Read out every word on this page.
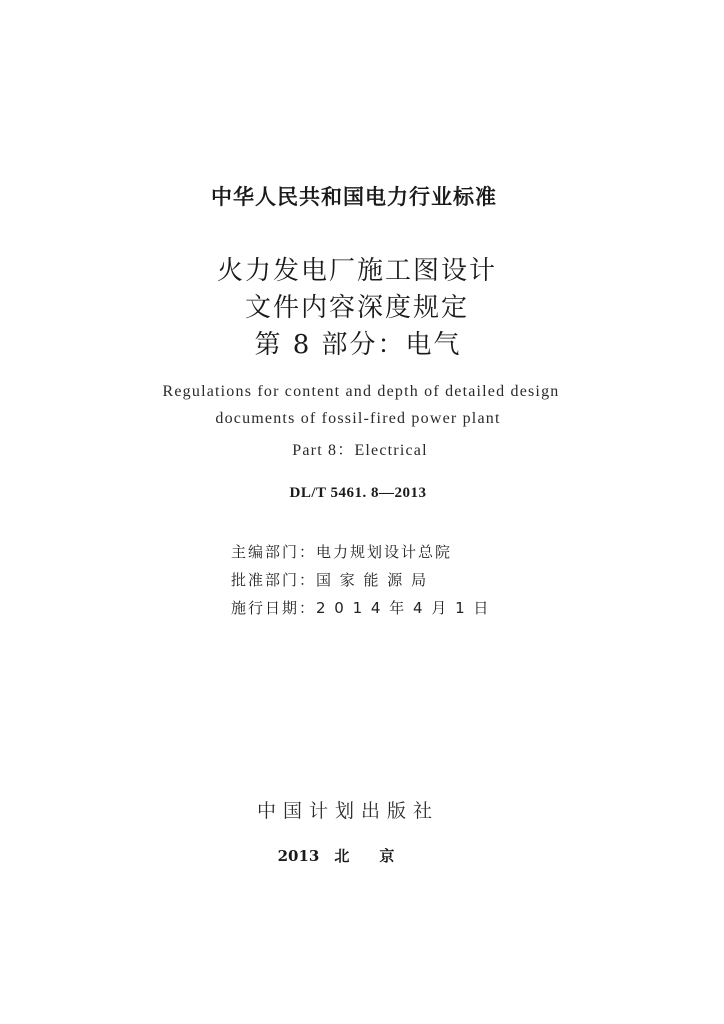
中华人民共和国电力行业标准
火力发电厂施工图设计
文件内容深度规定
第 8 部分：电气
Regulations for content and depth of detailed design
documents of fossil-fired power plant
Part 8：Electrical
DL/T 5461. 8—2013
主编部门：电力规划设计总院
批准部门：国 家 能 源 局
施行日期：2 0 1 4 年 4 月 1 日
中国计划出版社
2013　北　　京
